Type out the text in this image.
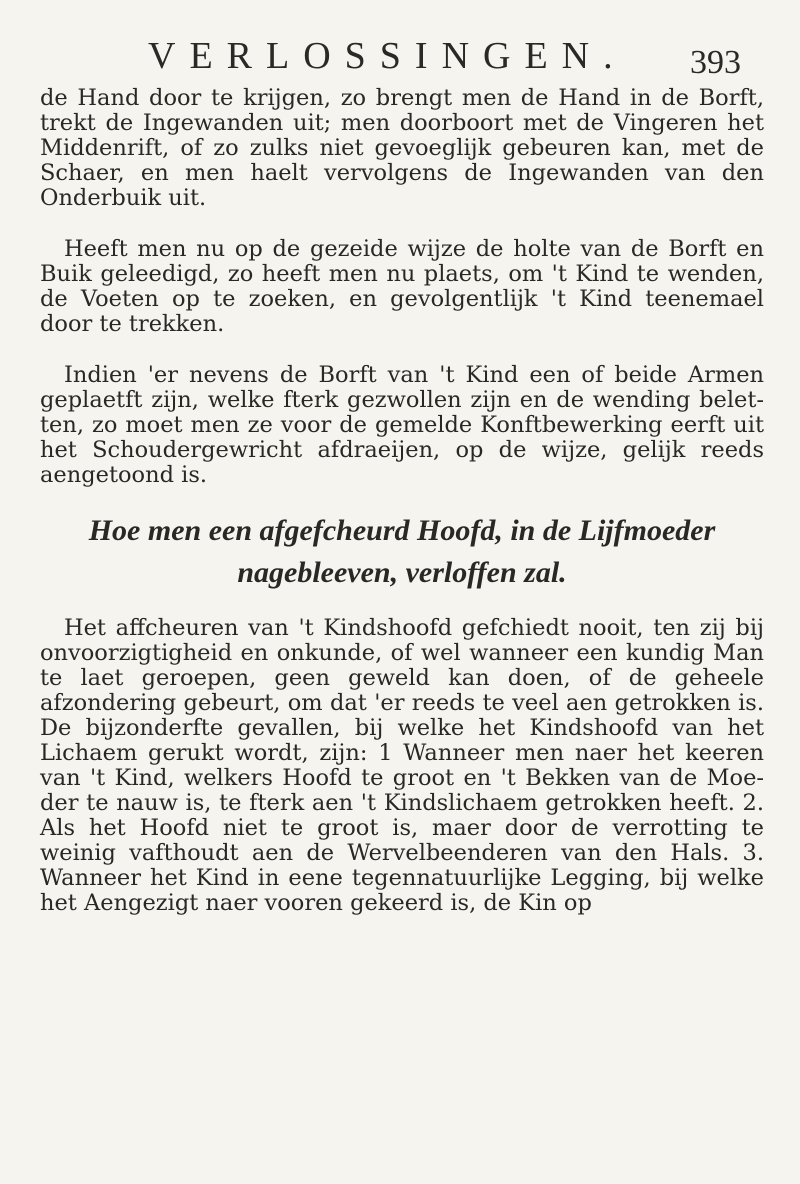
VERLOSSINGEN. 393

de Hand door te krijgen, zo brengt men de Hand in de Borft, trekt de Ingewanden uit; men doorboort met de Vingeren het Middenrift, of zo zulks niet gevoeglijk gebeuren kan, met de Schaer, en men haelt vervolgens de Ingewanden van den Onderbuik uit.

Heeft men nu op de gezeide wijze de holte van de Borft en Buik geleedigd, zo heeft men nu plaets, om 't Kind te wenden, de Voeten op te zoeken, en gevolgentlijk 't Kind teenemael door te trekken.

Indien 'er nevens de Borft van 't Kind een of beide Armen geplaetft zijn, welke fterk gezwollen zijn en de wending belet- ten, zo moet men ze voor de gemelde Konftbewerking eerft uit het Schoudergewricht afdraeijen, op de wijze, gelijk reeds aengetoond is.

Hoe men een afgefcheurd Hoofd, in de Lijfmoeder
nagebleeven, verloffen zal.

Het affcheuren van 't Kindshoofd gefchiedt nooit, ten zij bij onvoorzigtigheid en onkunde, of wel wanneer een kundig Man te laet geroepen, geen geweld kan doen, of de geheele afzondering gebeurt, om dat 'er reeds te veel aen getrokken is. De bijzonderfte gevallen, bij welke het Kindshoofd van het Lichaem gerukt wordt, zijn: 1 Wanneer men naer het keeren van 't Kind, welkers Hoofd te groot en 't Bekken van de Moe- der te nauw is, te fterk aen 't Kindslichaem getrokken heeft. 2. Als het Hoofd niet te groot is, maer door de verrotting te weinig vafthoudt aen de Wervelbeenderen van den Hals. 3. Wanneer het Kind in eene tegennatuurlijke Legging, bij welke het Aengezigt naer vooren gekeerd is, de Kin op
